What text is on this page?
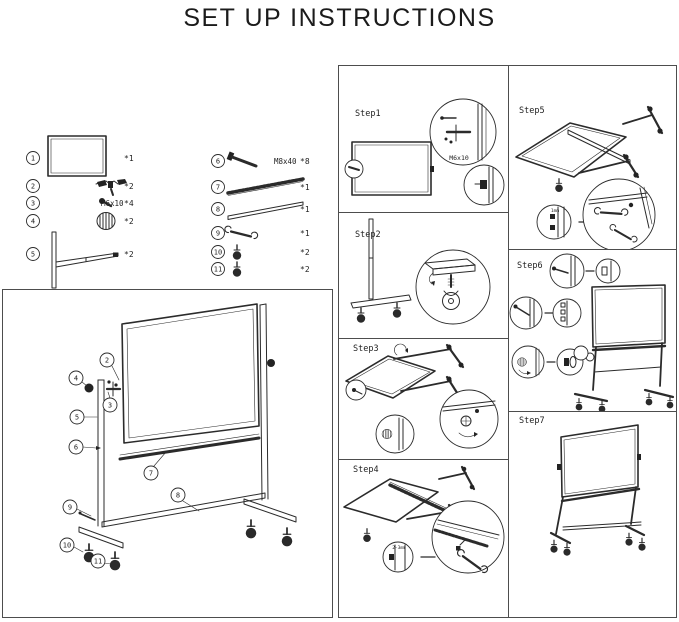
SET UP INSTRUCTIONS
1	*1
2	*2
3	M6x10 *4
4	*2
5	*2
6	M8x40 *8
7	*1
8	*1
9	*1
10	*2
11	*2
2
4
3
5
6
7
8
9
10
11
Step1
M6x10
Step2
Step3
Step4
2-3mm
Step5
1mm
Step6
Step7
